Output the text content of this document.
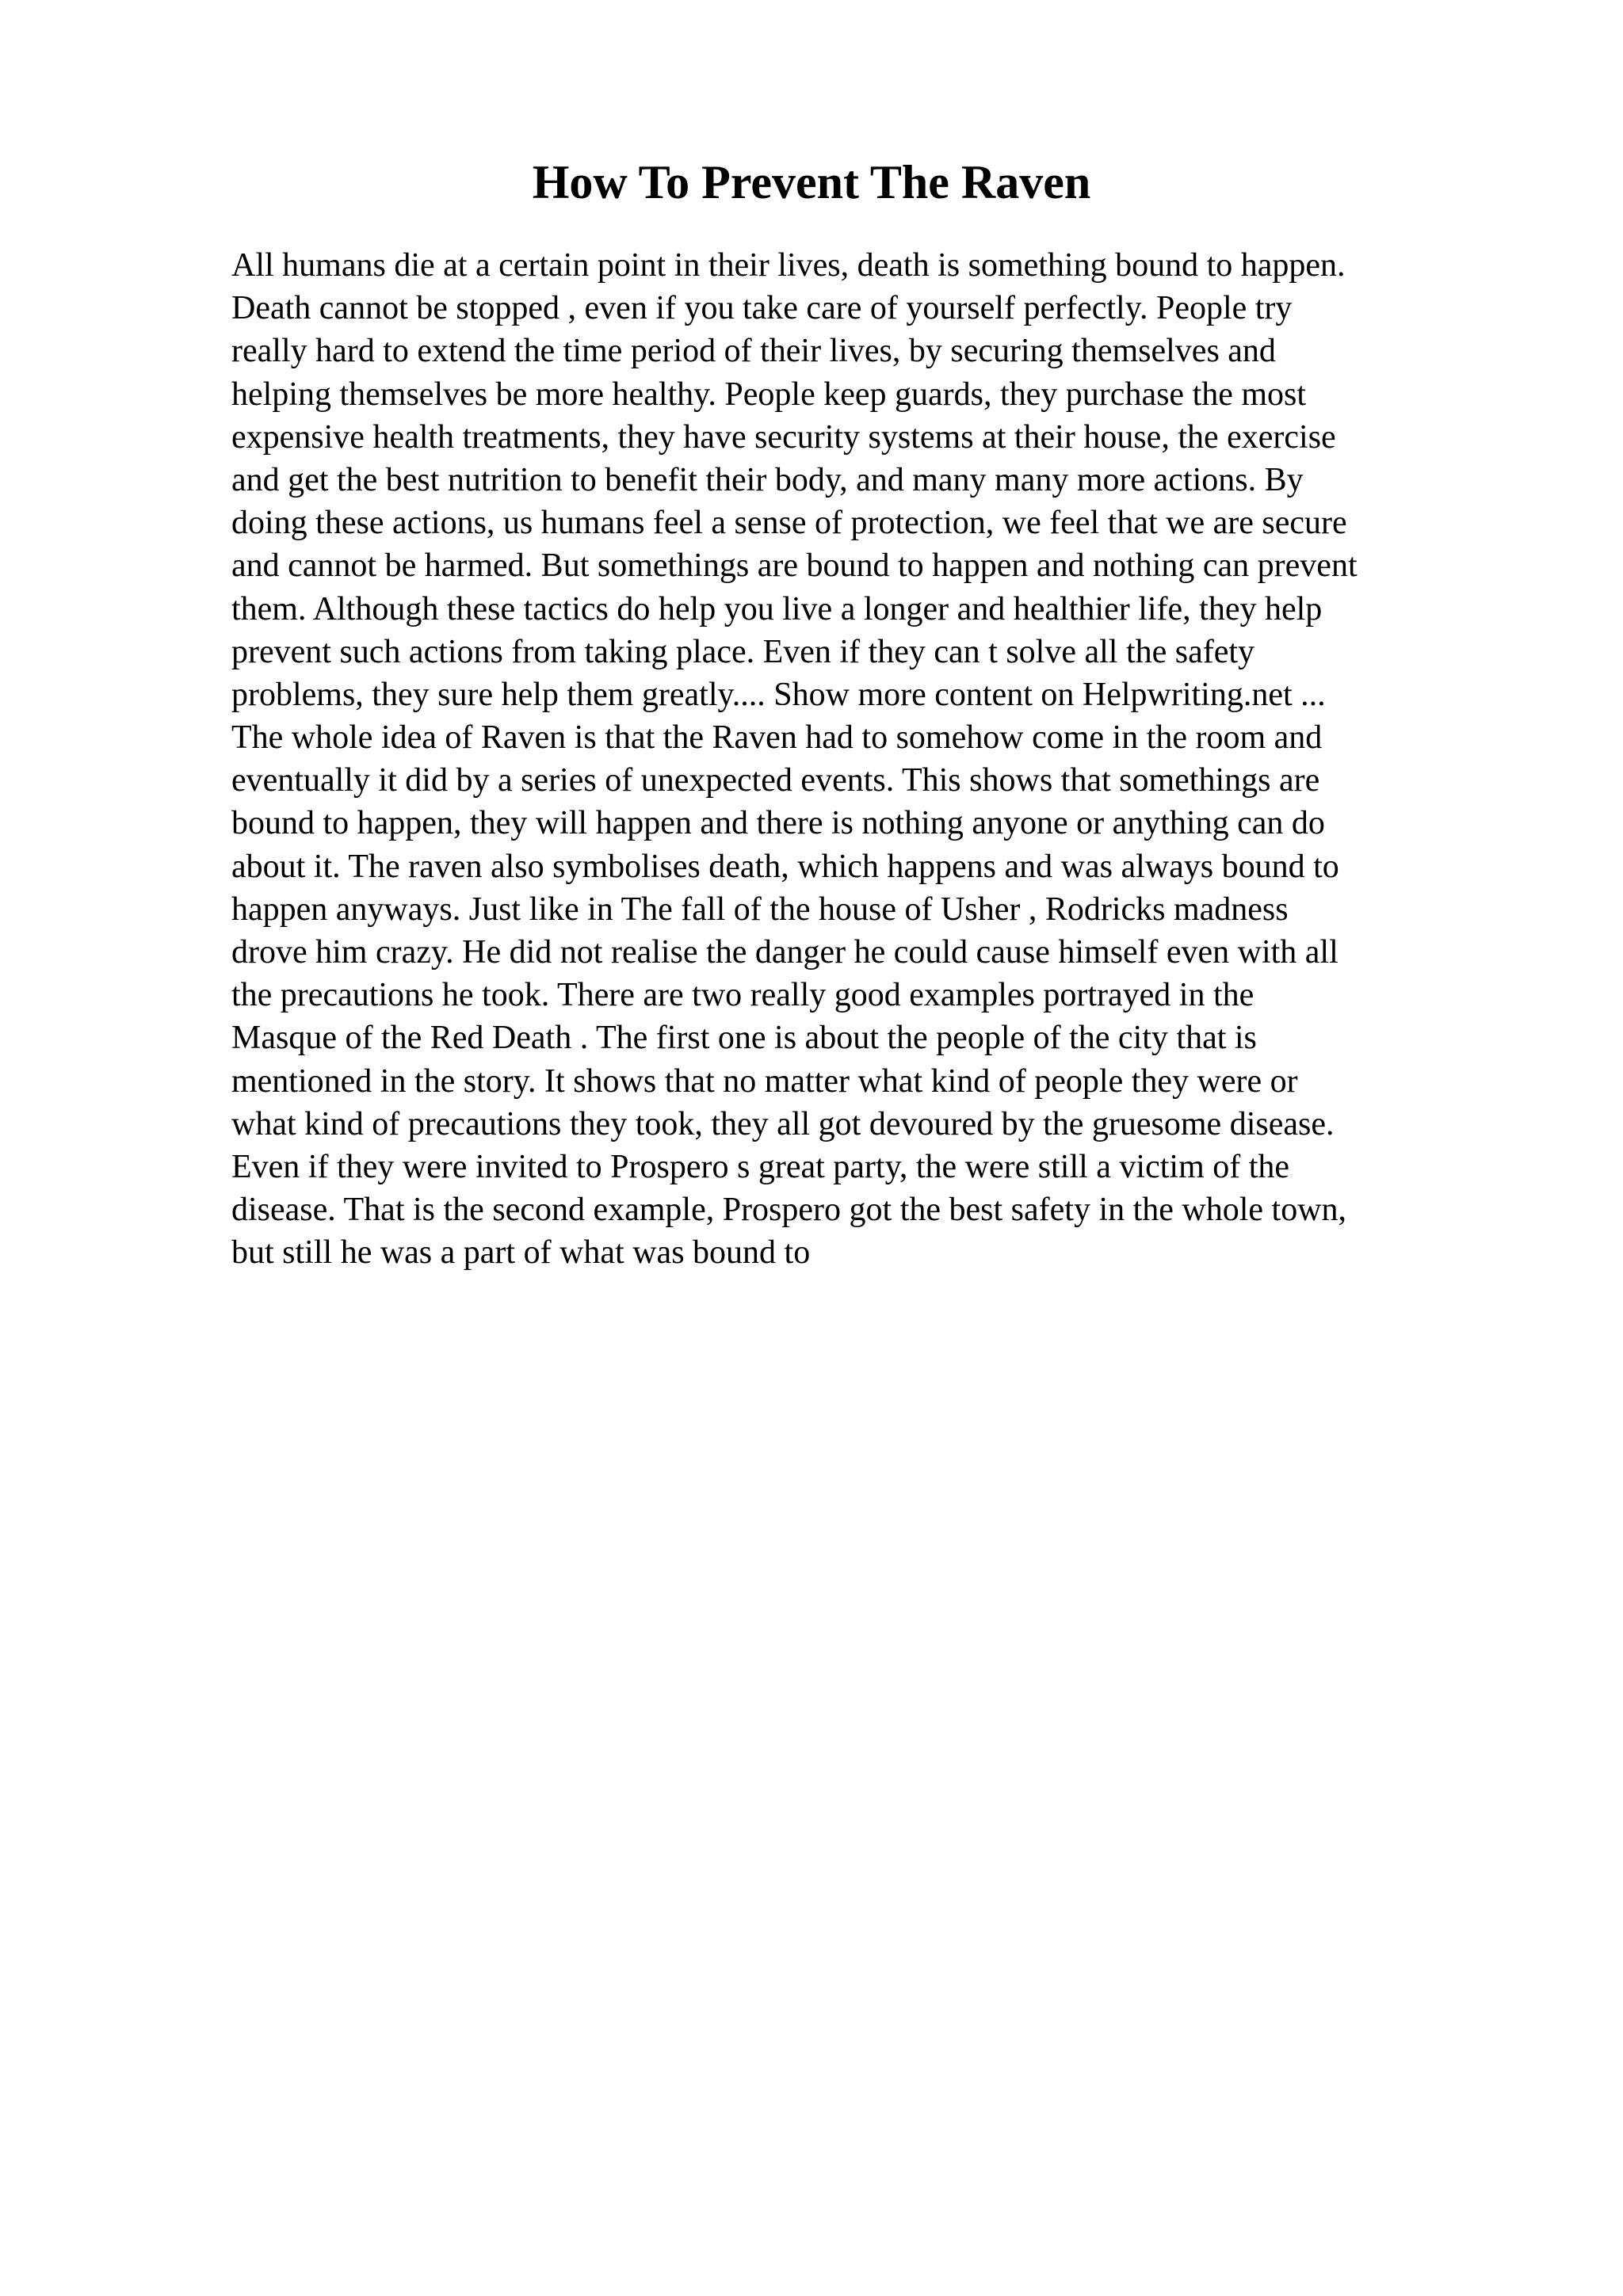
How To Prevent The Raven
All humans die at a certain point in their lives, death is something bound to happen.
Death cannot be stopped , even if you take care of yourself perfectly. People try
really hard to extend the time period of their lives, by securing themselves and
helping themselves be more healthy. People keep guards, they purchase the most
expensive health treatments, they have security systems at their house, the exercise
and get the best nutrition to benefit their body, and many many more actions. By
doing these actions, us humans feel a sense of protection, we feel that we are secure
and cannot be harmed. But somethings are bound to happen and nothing can prevent
them. Although these tactics do help you live a longer and healthier life, they help
prevent such actions from taking place. Even if they can t solve all the safety
problems, they sure help them greatly.... Show more content on Helpwriting.net ...
The whole idea of Raven is that the Raven had to somehow come in the room and
eventually it did by a series of unexpected events. This shows that somethings are
bound to happen, they will happen and there is nothing anyone or anything can do
about it. The raven also symbolises death, which happens and was always bound to
happen anyways. Just like in The fall of the house of Usher , Rodricks madness
drove him crazy. He did not realise the danger he could cause himself even with all
the precautions he took. There are two really good examples portrayed in the
Masque of the Red Death . The first one is about the people of the city that is
mentioned in the story. It shows that no matter what kind of people they were or
what kind of precautions they took, they all got devoured by the gruesome disease.
Even if they were invited to Prospero s great party, the were still a victim of the
disease. That is the second example, Prospero got the best safety in the whole town,
but still he was a part of what was bound to
